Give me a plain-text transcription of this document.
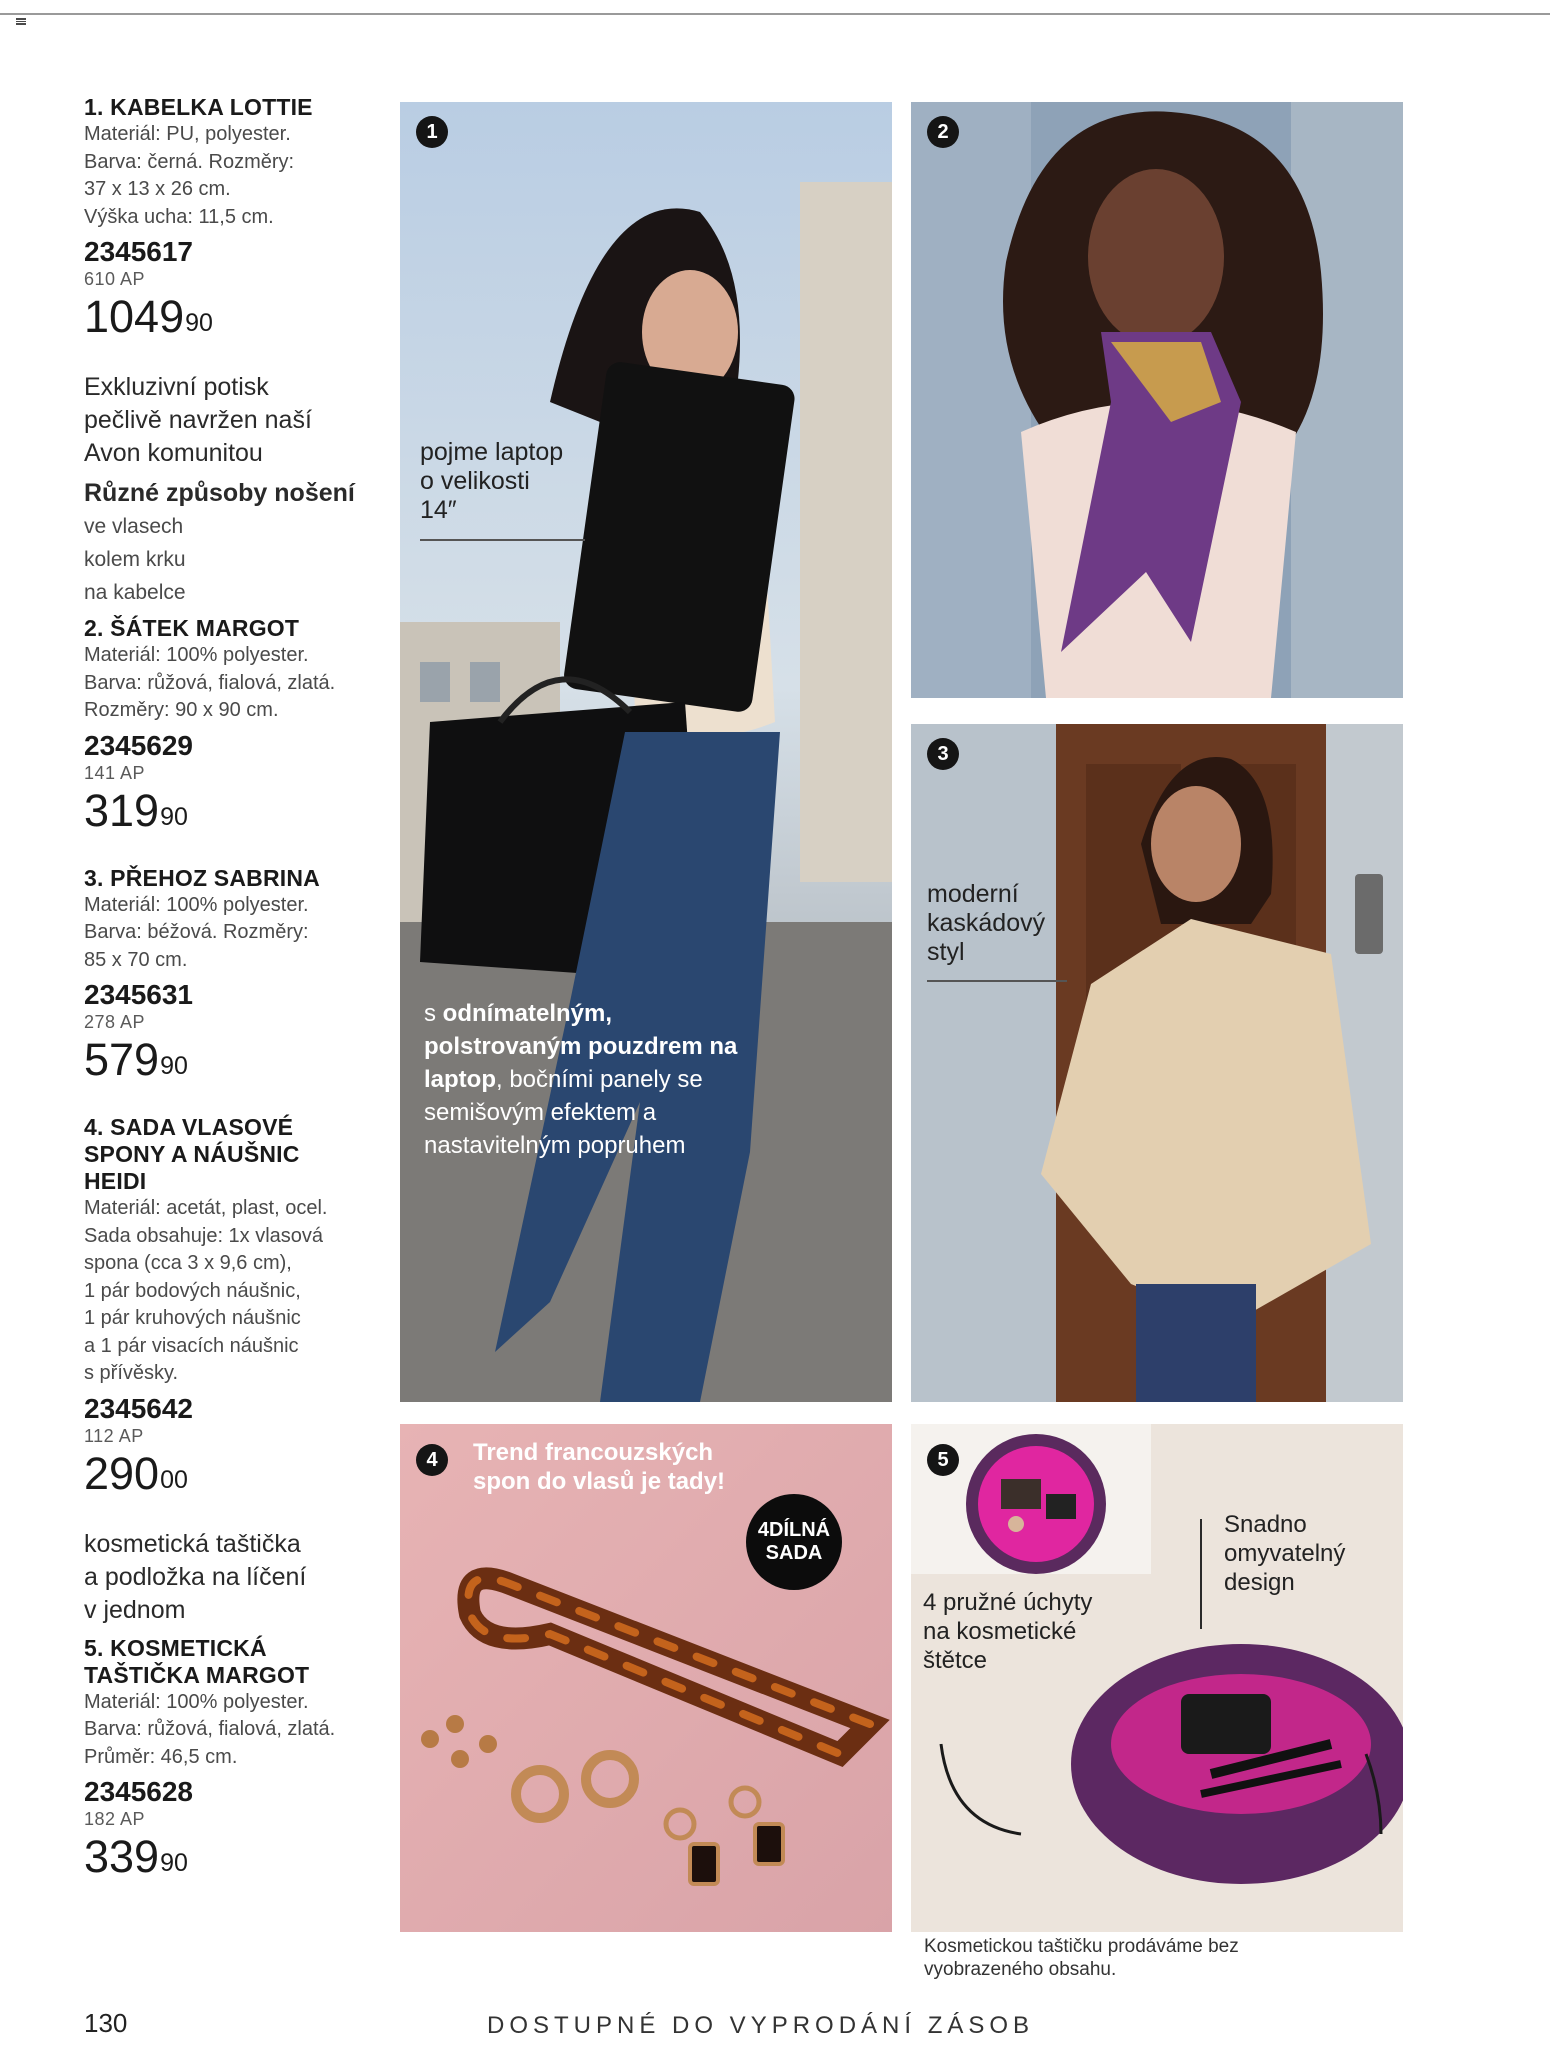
1. KABELKA LOTTIE
Materiál: PU, polyester.
Barva: černá. Rozměry:
37 x 13 x 26 cm.
Výška ucha: 11,5 cm.
2345617
610 AP
1049$^{90}$
Exkluzivní potisk
pečlivě navržen naší
Avon komunitou
Různé způsoby nošení
ve vlasech
kolem krku
na kabelce
2. ŠÁTEK MARGOT
Materiál: 100% polyester.
Barva: růžová, fialová, zlatá.
Rozměry: 90 x 90 cm.
2345629
141 AP
$319^{90}$
3. PŘEHOZ SABRINA
Materiál: 100% polyester.
Barva: béžová. Rozměry:
85 x 70 cm.
2345631
278 AP
$579^{90}$
4. SADA VLASOVÉ
SPONY A NÁUŠNIC
HEIDI
Materiál: acetát, plast, ocel.
Sada obsahuje: 1x vlasová
spona (cca 3 x 9,6 cm),
1 pár bodových náušnic,
1 pár kruhových náušnic
a 1 pár visacích náušnic
s přívěsky.
2345642
112 AP
$290^{00}$
kosmetická taštička
a podložka na líčení
v jednom
5. KOSMETICKÁ
TAŠTIČKA MARGOT
Materiál: 100% polyester.
Barva: růžová, fialová, zlatá.
Průměr: 46,5 cm.
2345628
182 AP
$339^{90}$
1
pojme laptop
o velikosti
14″
s odnímatelným, polstrovaným pouzdrem na laptop, bočními panely se semišovým efektem a nastavitelným popruhem
2
3
moderní
kaskádový
styl
4	Trend francouzských
spon do vlasů je tady!
4DÍLNÁ
SADA
5
4 pružné úchyty
na kosmetické
štětce
Snadno
omyvatelný
design
Kosmetickou taštičku prodáváme bez vyobrazeného obsahu.
130	DOSTUPNÉ DO VYPRODÁNÍ ZÁSOB
